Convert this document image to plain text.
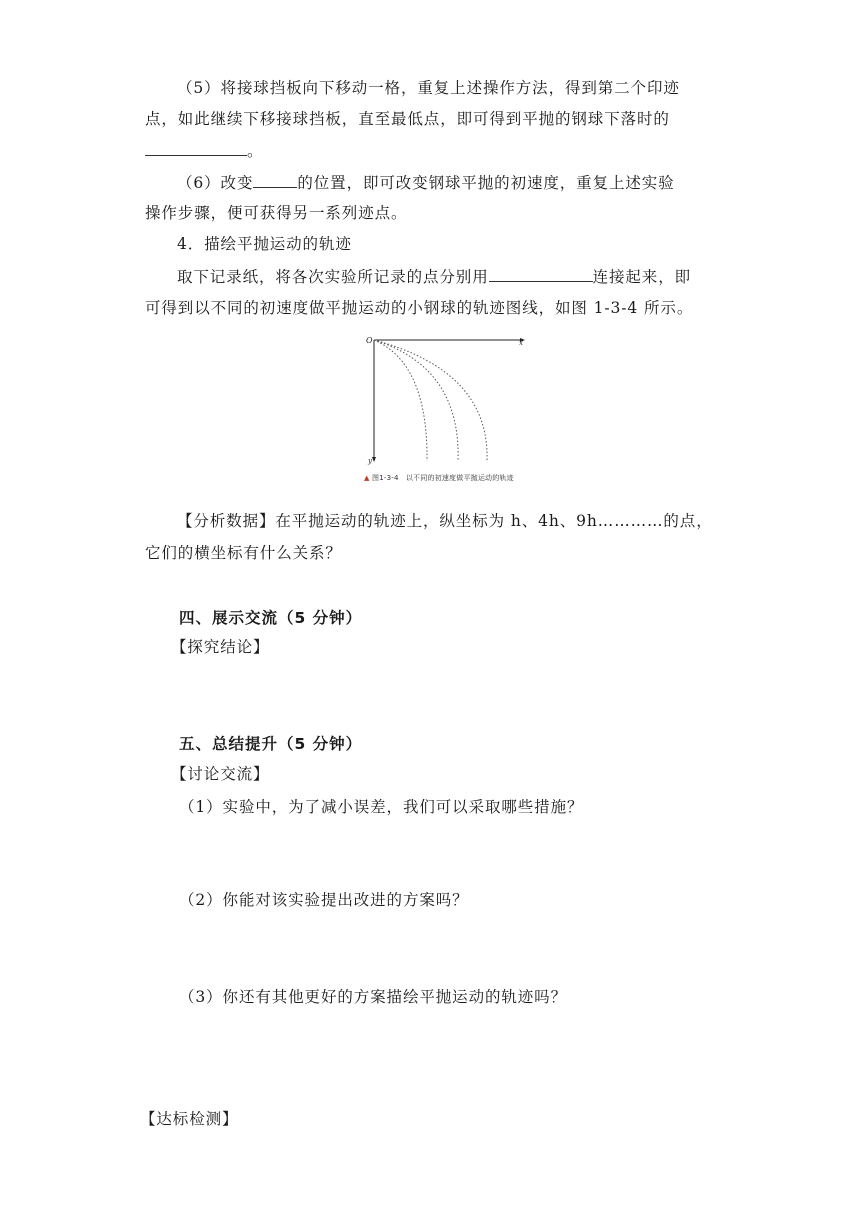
（5）将接球挡板向下移动一格，重复上述操作方法，得到第二个印迹
点，如此继续下移接球挡板，直至最低点，即可得到平抛的钢球下落时的
。
（6）改变	的位置，即可改变钢球平抛的初速度，重复上述实验
操作步骤，便可获得另一系列迹点。
4．描绘平抛运动的轨迹
取下记录纸，将各次实验所记录的点分别用	连接起来，即
可得到以不同的初速度做平抛运动的小钢球的轨迹图线，如图 1-3-4 所示。
O	x
y
▲ 图1-3-4　以不同的初速度做平抛运动的轨迹
【分析数据】在平抛运动的轨迹上，纵坐标为 h、4h、9h…………的点，
它们的横坐标有什么关系？
四、展示交流（5 分钟）
【探究结论】
五、总结提升（5 分钟）
【讨论交流】
（1）实验中，为了减小误差，我们可以采取哪些措施？
（2）你能对该实验提出改进的方案吗？
（3）你还有其他更好的方案描绘平抛运动的轨迹吗？
【达标检测】
